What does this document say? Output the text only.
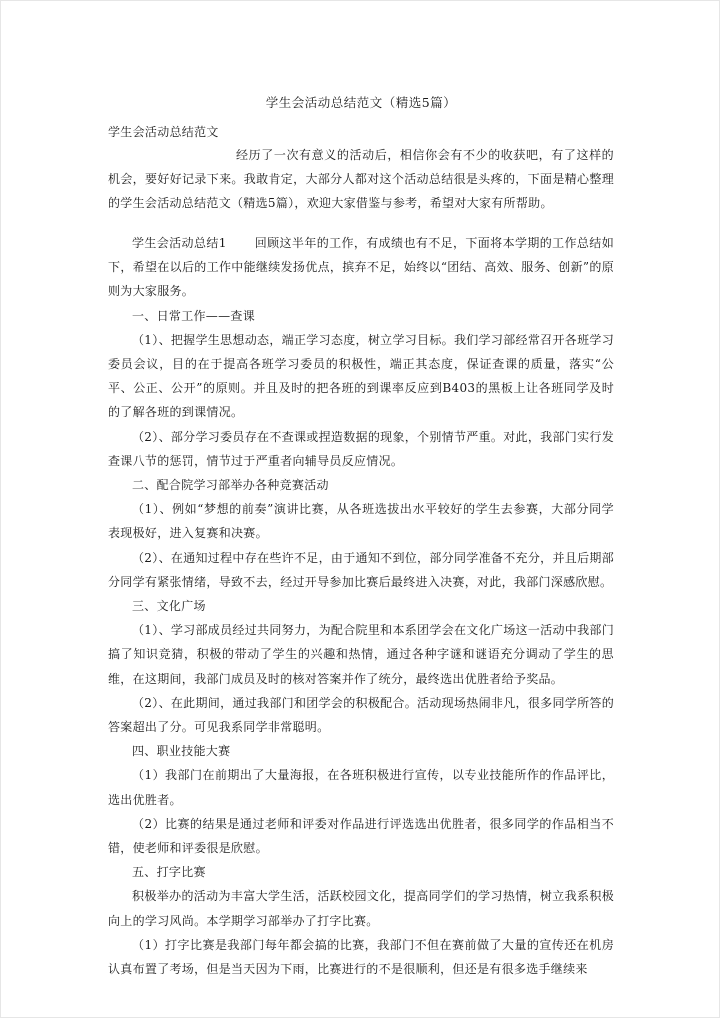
学生会活动总结范文（精选5篇）
学生会活动总结范文
经历了一次有意义的活动后，相信你会有不少的收获吧，有了这样的机会，要好好记录下来。我敢肯定，大部分人都对这个活动总结很是头疼的，下面是精心整理的学生会活动总结范文（精选5篇），欢迎大家借鉴与参考，希望对大家有所帮助。

学生会活动总结1 回顾这半年的工作，有成绩也有不足，下面将本学期的工作总结如下，希望在以后的工作中能继续发扬优点，摈弃不足，始终以“团结、高效、服务、创新”的原则为大家服务。

一、日常工作——查课

（1）、把握学生思想动态，端正学习态度，树立学习目标。我们学习部经常召开各班学习委员会议，目的在于提高各班学习委员的积极性，端正其态度，保证查课的质量，落实“公平、公正、公开”的原则。并且及时的把各班的到课率反应到B403的黑板上让各班同学及时的了解各班的到课情况。

（2）、部分学习委员存在不查课或捏造数据的现象，个别情节严重。对此，我部门实行发查课八节的惩罚，情节过于严重者向辅导员反应情况。

二、配合院学习部举办各种竞赛活动

（1）、例如“梦想的前奏”演讲比赛，从各班选拔出水平较好的学生去参赛，大部分同学表现极好，进入复赛和决赛。

（2）、在通知过程中存在些许不足，由于通知不到位，部分同学准备不充分，并且后期部分同学有紧张情绪，导致不去，经过开导参加比赛后最终进入决赛，对此，我部门深感欣慰。

三、文化广场

（1）、学习部成员经过共同努力，为配合院里和本系团学会在文化广场这一活动中我部门搞了知识竞猜，积极的带动了学生的兴趣和热情，通过各种字谜和谜语充分调动了学生的思维，在这期间，我部门成员及时的核对答案并作了统分，最终选出优胜者给予奖品。

（2）、在此期间，通过我部门和团学会的积极配合。活动现场热闹非凡，很多同学所答的答案超出了分。可见我系同学非常聪明。

四、职业技能大赛

（1）我部门在前期出了大量海报，在各班积极进行宣传，以专业技能所作的作品评比，选出优胜者。

（2）比赛的结果是通过老师和评委对作品进行评选选出优胜者，很多同学的作品相当不错，使老师和评委很是欣慰。

五、打字比赛

积极举办的活动为丰富大学生活，活跃校园文化，提高同学们的学习热情，树立我系积极向上的学习风尚。本学期学习部举办了打字比赛。

（1）打字比赛是我部门每年都会搞的比赛，我部门不但在赛前做了大量的宣传还在机房认真布置了考场，但是当天因为下雨，比赛进行的不是很顺利，但还是有很多选手继续来
